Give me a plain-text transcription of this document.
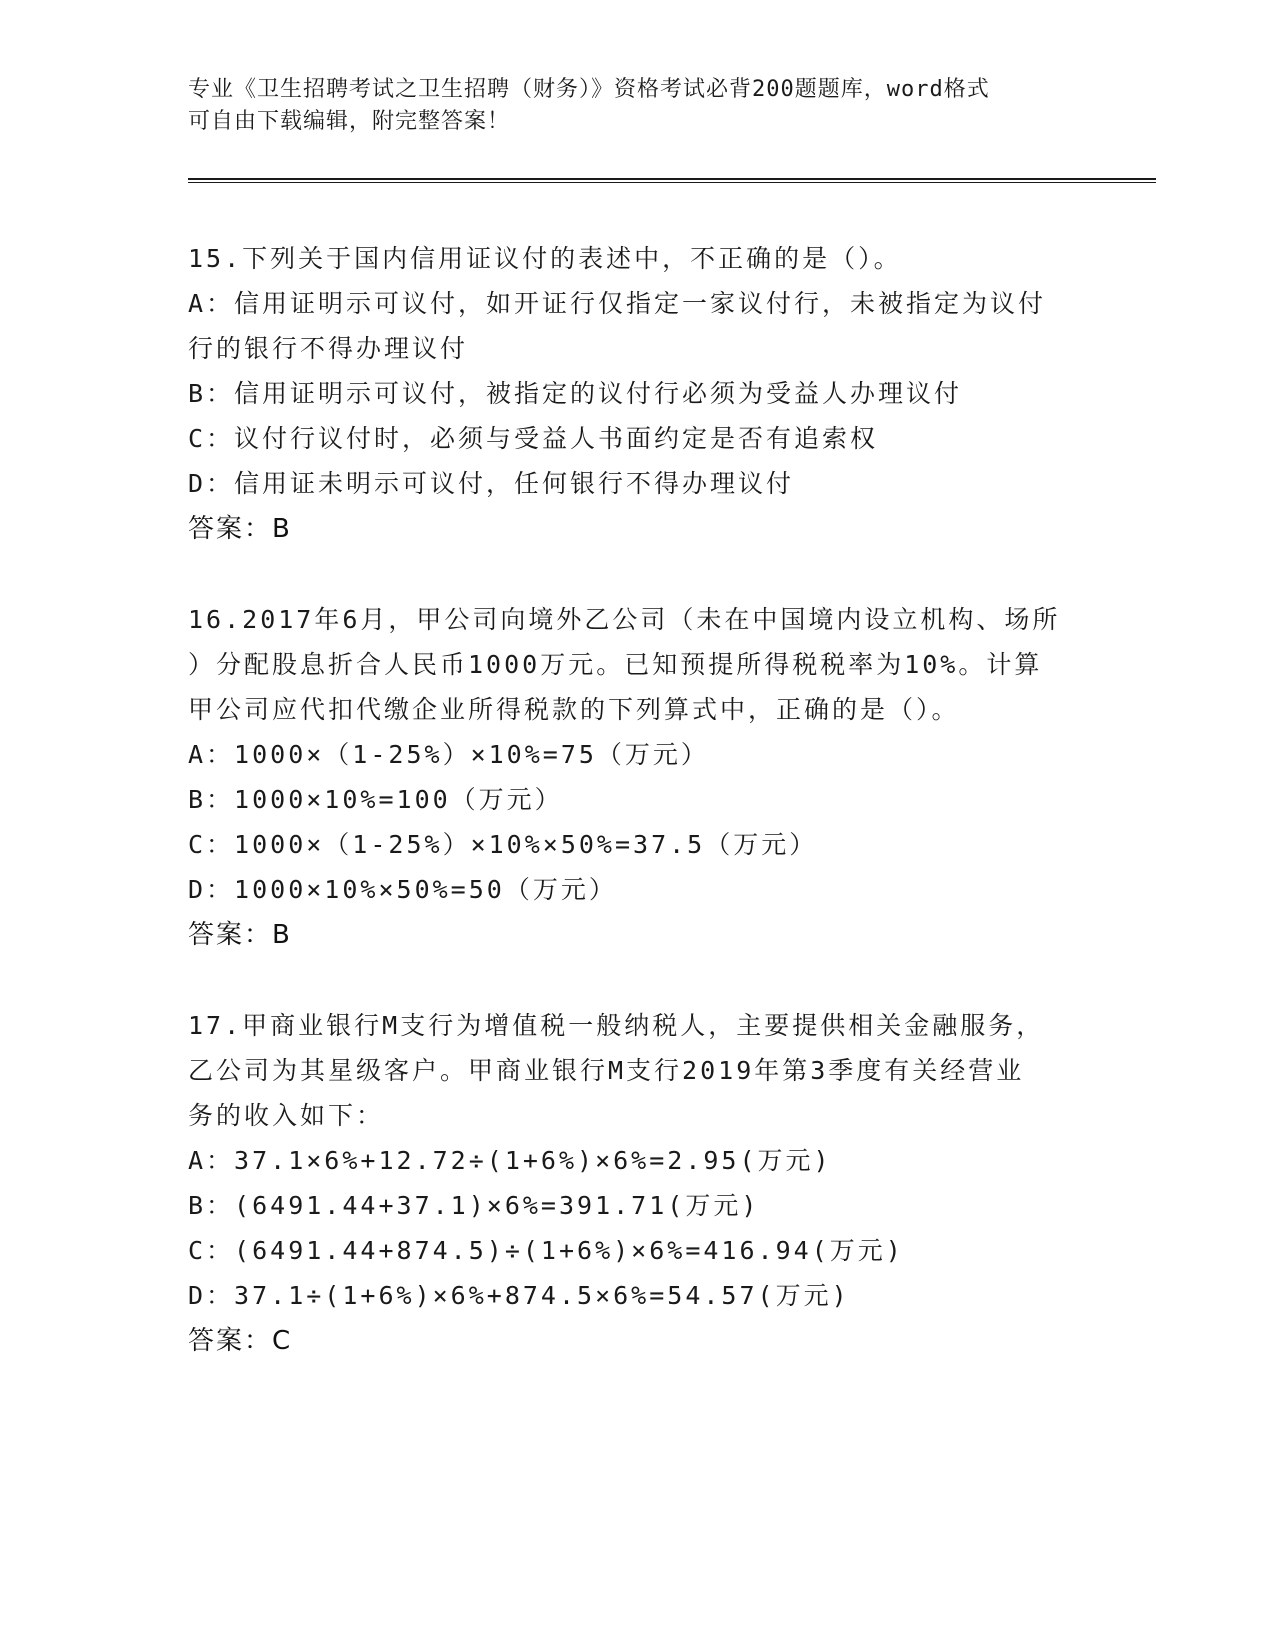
专业《卫生招聘考试之卫生招聘（财务）》资格考试必背200题题库，word格式
可自由下载编辑，附完整答案！
15.下列关于国内信用证议付的表述中，不正确的是（）。
A：信用证明示可议付，如开证行仅指定一家议付行，未被指定为议付
行的银行不得办理议付
B：信用证明示可议付，被指定的议付行必须为受益人办理议付
C：议付行议付时，必须与受益人书面约定是否有追索权
D：信用证未明示可议付，任何银行不得办理议付
答案：B
16.2017年6月，甲公司向境外乙公司（未在中国境内设立机构、场所
）分配股息折合人民币1000万元。已知预提所得税税率为10%。计算
甲公司应代扣代缴企业所得税款的下列算式中，正确的是（）。
A：1000×（1-25%）×10%=75（万元）
B：1000×10%=100（万元）
C：1000×（1-25%）×10%×50%=37.5（万元）
D：1000×10%×50%=50（万元）
答案：B
17.甲商业银行M支行为增值税一般纳税人，主要提供相关金融服务，
乙公司为其星级客户。甲商业银行M支行2019年第3季度有关经营业
务的收入如下：
A：37.1×6%+12.72÷(1+6%)×6%=2.95(万元)
B：(6491.44+37.1)×6%=391.71(万元)
C：(6491.44+874.5)÷(1+6%)×6%=416.94(万元)
D：37.1÷(1+6%)×6%+874.5×6%=54.57(万元)
答案：C
